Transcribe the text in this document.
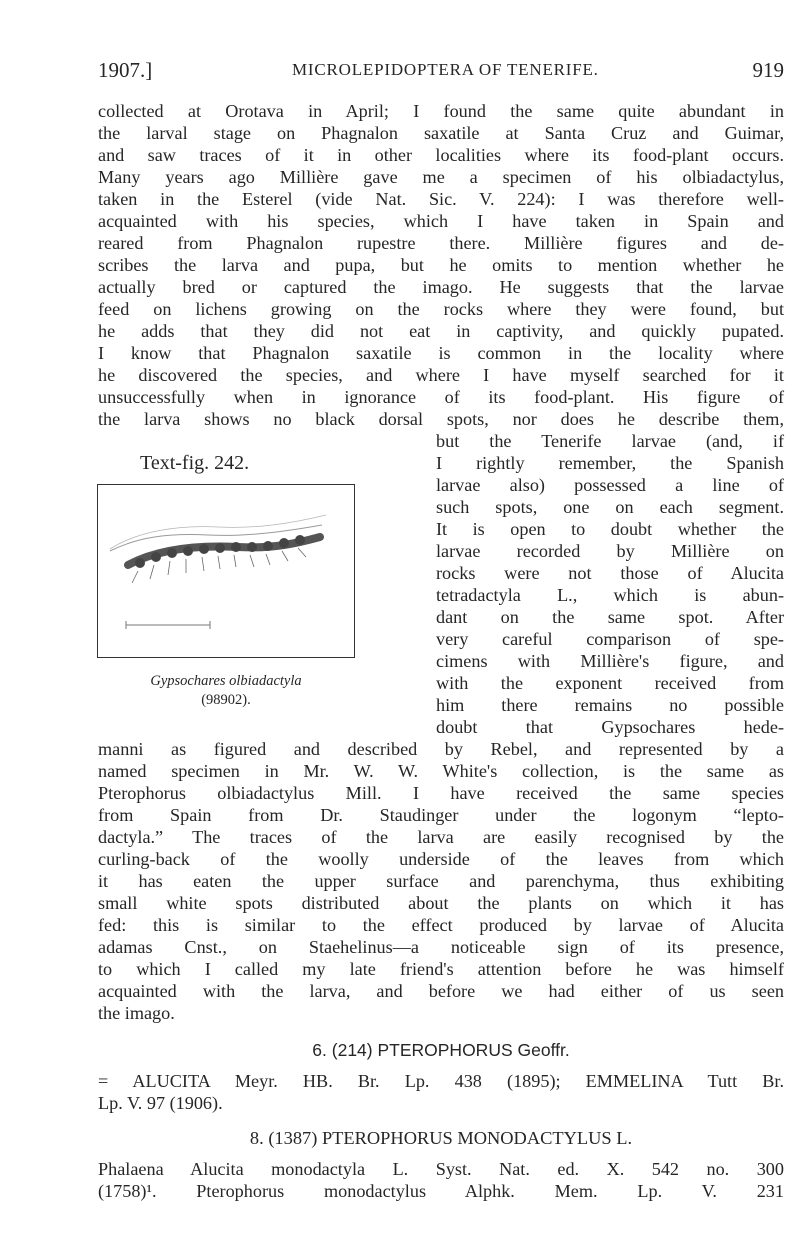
1907.]	MICROLEPIDOPTERA OF TENERIFE.	919
collected at Orotava in April; I found the same quite abundant in
the larval stage on Phagnalon saxatile at Santa Cruz and Guimar,
and saw traces of it in other localities where its food-plant occurs.
Many years ago Millière gave me a specimen of his olbiadactylus,
taken in the Esterel (vide Nat. Sic. V. 224): I was therefore well-
acquainted with his species, which I have taken in Spain and
reared from Phagnalon rupestre there. Millière figures and de-
scribes the larva and pupa, but he omits to mention whether he
actually bred or captured the imago. He suggests that the larvae
feed on lichens growing on the rocks where they were found, but
he adds that they did not eat in captivity, and quickly pupated.
I know that Phagnalon saxatile is common in the locality where
he discovered the species, and where I have myself searched for it
unsuccessfully when in ignorance of its food-plant. His figure of
the larva shows no black dorsal spots, nor does he describe them,
Text-fig. 242.
Gypsochares olbiadactyla
(98902).
but the Tenerife larvae (and, if
I rightly remember, the Spanish
larvae also) possessed a line of
such spots, one on each segment.
It is open to doubt whether the
larvae recorded by Millière on
rocks were not those of Alucita
tetradactyla L., which is abun-
dant on the same spot. After
very careful comparison of spe-
cimens with Millière's figure, and
with the exponent received from
him there remains no possible
doubt that Gypsochares hede-
manni as figured and described by Rebel, and represented by a
named specimen in Mr. W. W. White's collection, is the same as
Pterophorus olbiadactylus Mill. I have received the same species
from Spain from Dr. Staudinger under the logonym “lepto-
dactyla.” The traces of the larva are easily recognised by the
curling-back of the woolly underside of the leaves from which
it has eaten the upper surface and parenchyma, thus exhibiting
small white spots distributed about the plants on which it has
fed: this is similar to the effect produced by larvae of Alucita
adamas Cnst., on Staehelinus—a noticeable sign of its presence,
to which I called my late friend's attention before he was himself
acquainted with the larva, and before we had either of us seen
the imago.
6. (214) PTEROPHORUS Geoffr.
= ALUCITA Meyr. HB. Br. Lp. 438 (1895); EMMELINA Tutt Br.
Lp. V. 97 (1906).
8. (1387) PTEROPHORUS MONODACTYLUS L.
Phalaena Alucita monodactyla L. Syst. Nat. ed. X. 542 no. 300
(1758)¹. Pterophorus monodactylus Alphk. Mem. Lp. V. 231
